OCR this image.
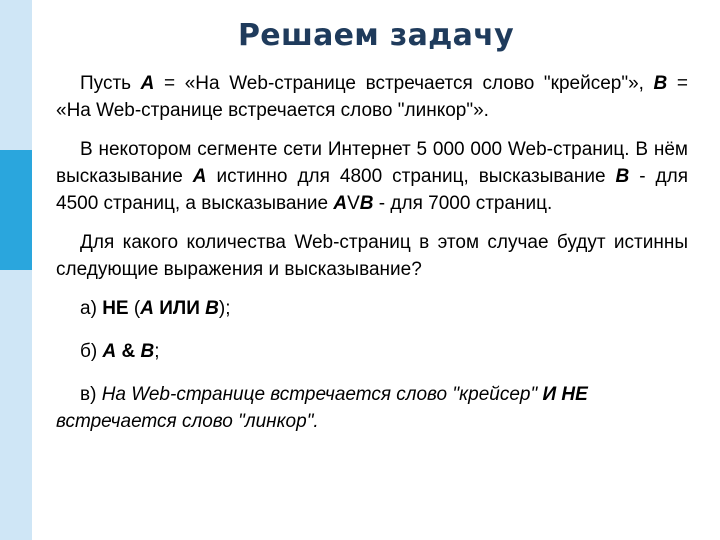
Решаем задачу

Пусть A = «На Web-странице встречается слово "крейсер"», B = «На Web-странице встречается слово "линкор"».

В некотором сегменте сети Интернет 5 000 000 Web-страниц. В нём высказывание A истинно для 4800 страниц, высказывание B - для 4500 страниц, а высказывание AVB - для 7000 страниц.

Для какого количества Web-страниц в этом случае будут истинны следующие выражения и высказывание?

а) НЕ (А ИЛИ В);

б) А & В;

в) На Web-странице встречается слово "крейсер" И НЕ встречается слово "линкор".
